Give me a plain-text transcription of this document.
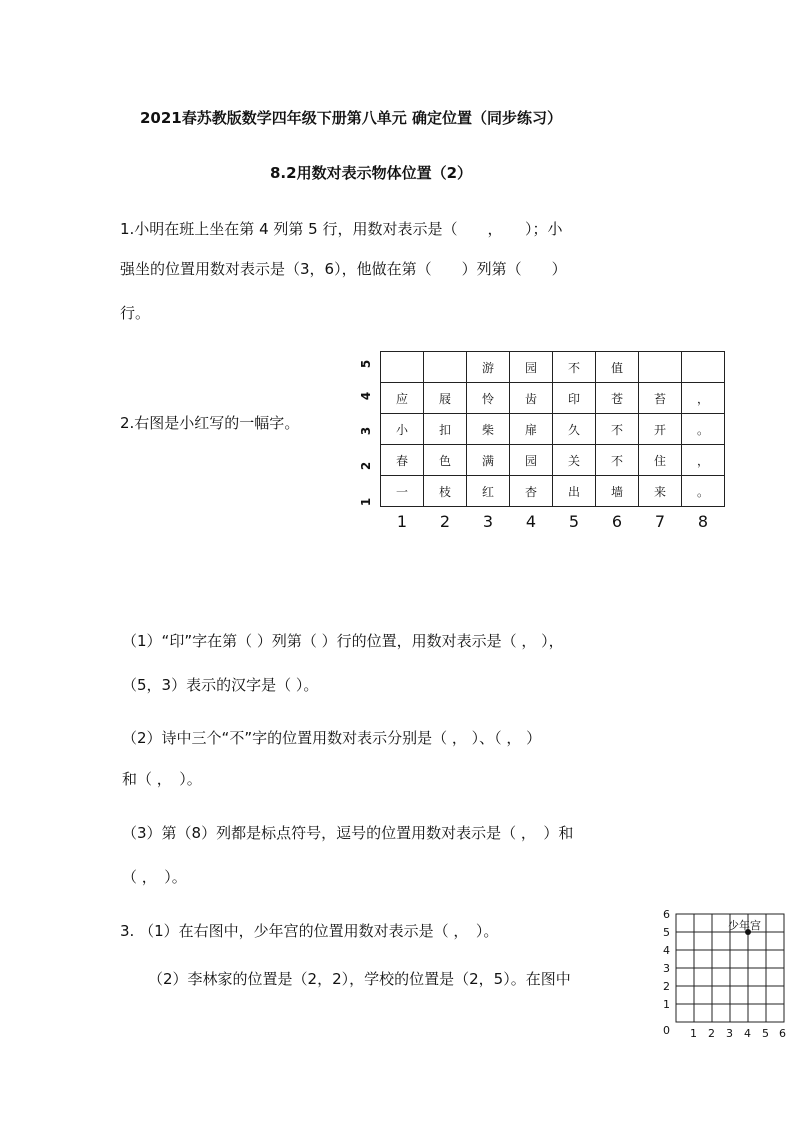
2021春苏教版数学四年级下册第八单元 确定位置（同步练习）
8.2用数对表示物体位置（2）
1.小明在班上坐在第 4 列第 5 行，用数对表示是（　　，　　）；小
强坐的位置用数对表示是（3，6），他做在第（　　）列第（　　）
行。
2.右图是小红写的一幅字。
5
4
3
2
1
		游	园	不	值		
应	屐	怜	齿	印	苍	苔	，
小	扣	柴	扉	久	不	开	。
春	色	满	园	关	不	住	，
一	枝	红	杏	出	墙	来	。
1	2	3	4	5	6	7	8
（1）“印”字在第（ ）列第（ ）行的位置，用数对表示是（ ， ），
（5，3）表示的汉字是（ ）。
（2）诗中三个“不”字的位置用数对表示分别是（ ， ）、（ ， ）
和（ ，　）。
（3）第（8）列都是标点符号，逗号的位置用数对表示是（ ，　）和
（ ，　）。
3. （1）在右图中，少年宫的位置用数对表示是（ ，　）。
（2）李林家的位置是（2，2），学校的位置是（2，5）。在图中
少年宫
6
5
4
3
2
1
0 1 2 3 4 5 6
